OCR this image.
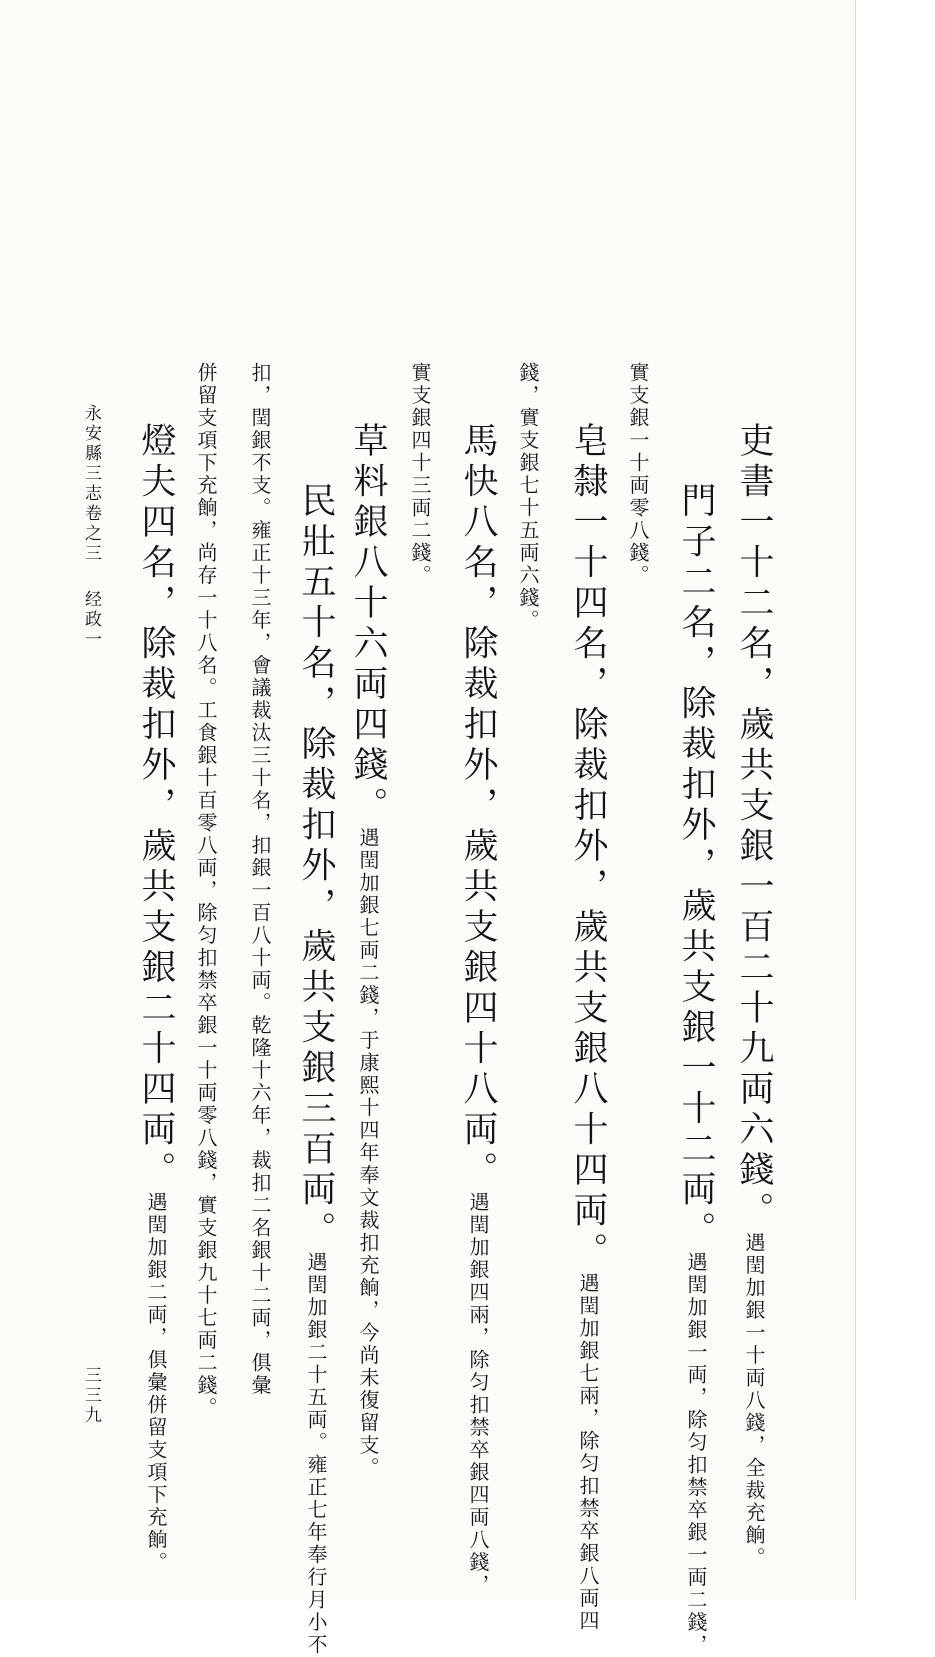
吏書一十二名，歲共支銀一百二十九両六錢。遇閏加銀一十両八錢，全裁充餉。
門子二名，除裁扣外，歲共支銀一十二両。遇閏加銀一両，除匀扣禁卒銀一両二錢，
實支銀一十両零八錢。
皂隸一十四名，除裁扣外，歲共支銀八十四両。遇閏加銀七兩，除匀扣禁卒銀八両四
錢，實支銀七十五両六錢。
馬快八名，除裁扣外，歲共支銀四十八両。遇閏加銀四兩，除匀扣禁卒銀四両八錢，
實支銀四十三両二錢。
草料銀八十六両四錢。遇閏加銀七両二錢，于康熙十四年奉文裁扣充餉，今尚未復留支。
民壯五十名，除裁扣外，歲共支銀三百両。遇閏加銀二十五両。雍正七年奉行月小不
扣，閏銀不支。雍正十三年，會議裁汰三十名，扣銀一百八十両。乾隆十六年，裁扣二名銀十二両，俱彙
併留支項下充餉，尚存一十八名。工食銀十百零八両，除匀扣禁卒銀一十両零八錢，實支銀九十七両二錢。
燈夫四名，除裁扣外，歲共支銀二十四両。遇閏加銀二両，俱彙併留支項下充餉。
永安縣三志卷之三经政一
三三九
